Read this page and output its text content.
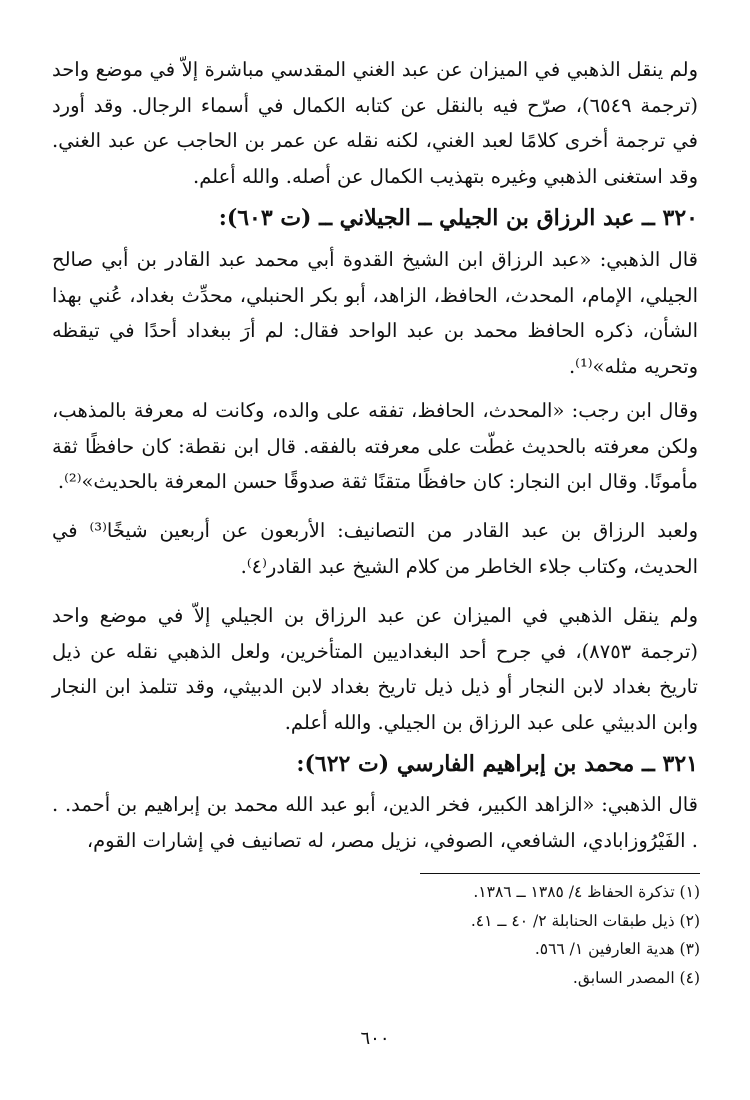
ولم ينقل الذهبي في الميزان عن عبد الغني المقدسي مباشرة إلاّ في موضع واحد (ترجمة ٦٥٤٩)، صرّح فيه بالنقل عن كتابه الكمال في أسماء الرجال. وقد أورد في ترجمة أخرى كلامًا لعبد الغني، لكنه نقله عن عمر بن الحاجب عن عبد الغني. وقد استغنى الذهبي وغيره بتهذيب الكمال عن أصله. والله أعلم.

٣٢٠ ــ عبد الرزاق بن الجيلي ــ الجيلاني ــ (ت ٦٠٣):

قال الذهبي: «عبد الرزاق ابن الشيخ القدوة أبي محمد عبد القادر بن أبي صالح الجيلي، الإمام، المحدث، الحافظ، الزاهد، أبو بكر الحنبلي، محدِّث بغداد، عُني بهذا الشأن، ذكره الحافظ محمد بن عبد الواحد فقال: لم أرَ ببغداد أحدًا في تيقظه وتحريه مثله»⁽¹⁾.

وقال ابن رجب: «المحدث، الحافظ، تفقه على والده، وكانت له معرفة بالمذهب، ولكن معرفته بالحديث غطّت على معرفته بالفقه. قال ابن نقطة: كان حافظًا ثقة مأمونًا. وقال ابن النجار: كان حافظًا متقنًا ثقة صدوقًا حسن المعرفة بالحديث»⁽²⁾.

ولعبد الرزاق بن عبد القادر من التصانيف: الأربعون عن أربعين شيخًا⁽³⁾ في الحديث، وكتاب جلاء الخاطر من كلام الشيخ عبد القادر⁽٤⁾.

ولم ينقل الذهبي في الميزان عن عبد الرزاق بن الجيلي إلاّ في موضع واحد (ترجمة ٨٧٥٣)، في جرح أحد البغداديين المتأخرين، ولعل الذهبي نقله عن ذيل تاريخ بغداد لابن النجار أو ذيل ذيل تاريخ بغداد لابن الدبيثي، وقد تتلمذ ابن النجار وابن الدبيثي على عبد الرزاق بن الجيلي. والله أعلم.

٣٢١ ــ محمد بن إبراهيم الفارسي (ت ٦٢٢):

قال الذهبي: «الزاهد الكبير، فخر الدين، أبو عبد الله محمد بن إبراهيم بن أحمد. . . الفَيْرُوزابادي، الشافعي، الصوفي، نزيل مصر، له تصانيف في إشارات القوم،

(١) تذكرة الحفاظ ٤/ ١٣٨٥ ــ ١٣٨٦.
(٢) ذيل طبقات الحنابلة ٢/ ٤٠ ــ ٤١.
(٣) هدية العارفين ١/ ٥٦٦.
(٤) المصدر السابق.
٦٠٠
